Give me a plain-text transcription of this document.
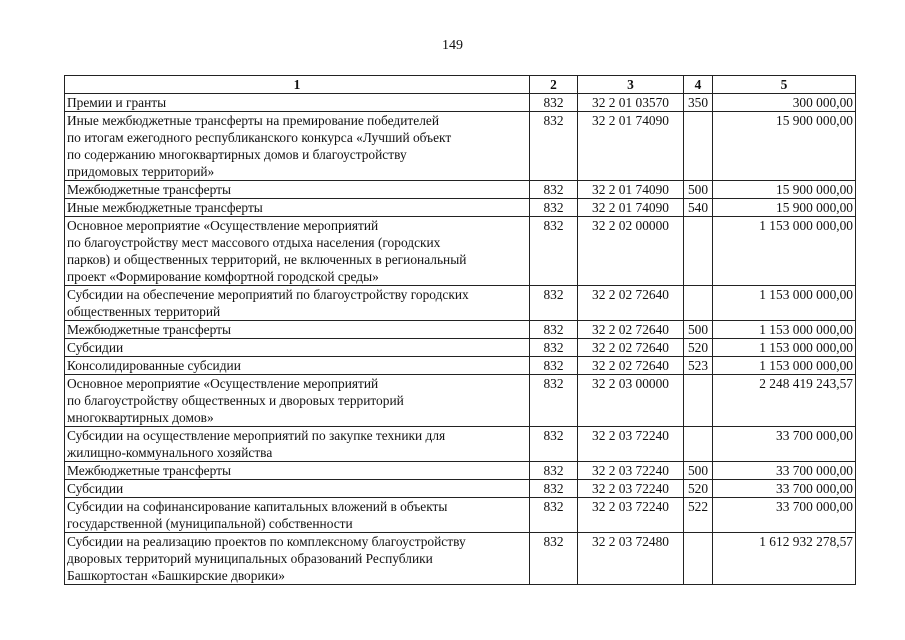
149
1	2	3	4	5
Премии и гранты	832	32 2 01 03570	350	300 000,00
Иные межбюджетные трансферты на премирование победителей
по итогам ежегодного республиканского конкурса «Лучший объект
по содержанию многоквартирных домов и благоустройству
придомовых территорий»	832	32 2 01 74090		15 900 000,00
Межбюджетные трансферты	832	32 2 01 74090	500	15 900 000,00
Иные межбюджетные трансферты	832	32 2 01 74090	540	15 900 000,00
Основное мероприятие «Осуществление мероприятий
по благоустройству мест массового отдыха населения (городских
парков) и общественных территорий, не включенных в региональный
проект «Формирование комфортной городской среды»	832	32 2 02 00000		1 153 000 000,00
Субсидии на обеспечение мероприятий по благоустройству городских
общественных территорий	832	32 2 02 72640		1 153 000 000,00
Межбюджетные трансферты	832	32 2 02 72640	500	1 153 000 000,00
Субсидии	832	32 2 02 72640	520	1 153 000 000,00
Консолидированные субсидии	832	32 2 02 72640	523	1 153 000 000,00
Основное мероприятие «Осуществление мероприятий
по благоустройству общественных и дворовых территорий
многоквартирных домов»	832	32 2 03 00000		2 248 419 243,57
Субсидии на осуществление мероприятий по закупке техники для
жилищно-коммунального хозяйства	832	32 2 03 72240		33 700 000,00
Межбюджетные трансферты	832	32 2 03 72240	500	33 700 000,00
Субсидии	832	32 2 03 72240	520	33 700 000,00
Субсидии на софинансирование капитальных вложений в объекты
государственной (муниципальной) собственности	832	32 2 03 72240	522	33 700 000,00
Субсидии на реализацию проектов по комплексному благоустройству
дворовых территорий муниципальных образований Республики
Башкортостан «Башкирские дворики»	832	32 2 03 72480		1 612 932 278,57
